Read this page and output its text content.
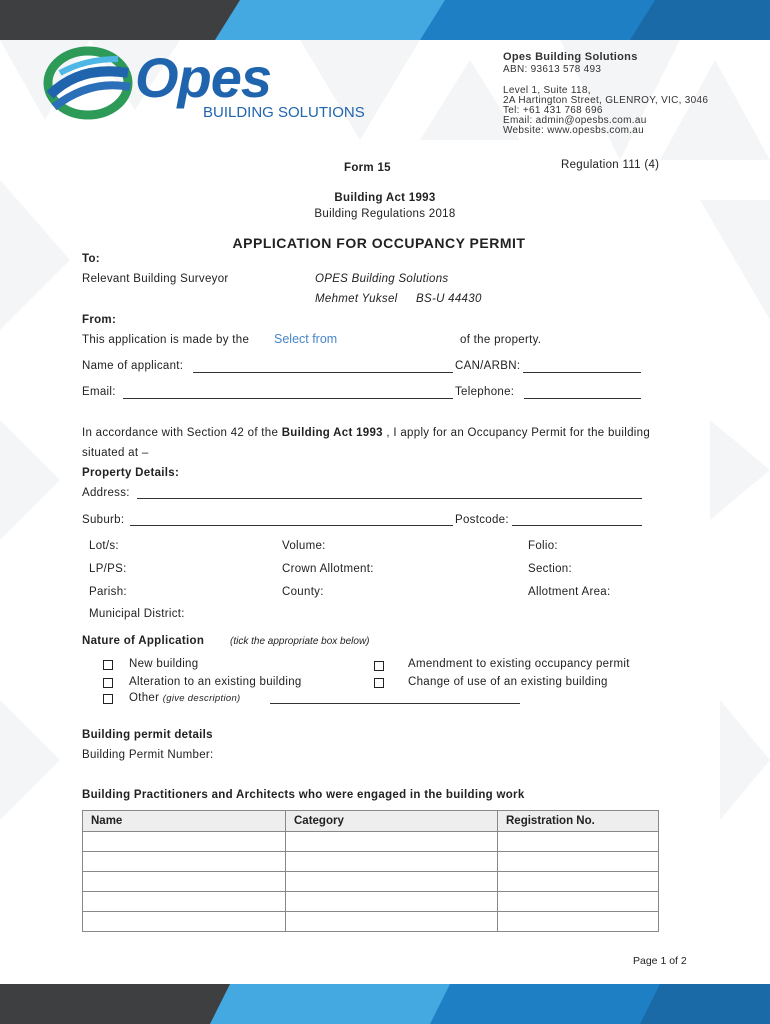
Opes
BUILDING SOLUTIONS
Opes Building Solutions
ABN: 93613 578 493
Level 1, Suite 118,
2A Hartington Street, GLENROY, VIC, 3046
Tel: +61 431 768 696
Email: admin@opesbs.com.au
Website: www.opesbs.com.au
Form 15	Regulation 111 (4)
Building Act 1993
Building Regulations 2018
APPLICATION FOR OCCUPANCY PERMIT
To:
Relevant Building Surveyor	OPES Building Solutions
Mehmet Yuksel BS-U 44430
From:
This application is made by the Select from	of the property.
Name of applicant:	CAN/ARBN:
Email:	Telephone:
In accordance with Section 42 of the Building Act 1993 , I apply for an Occupancy Permit for the building
situated at –
Property Details:
Address:
Suburb:	Postcode:
Lot/s:	Volume:	Folio:
LP/PS:	Crown Allotment:	Section:
Parish:	County:	Allotment Area:
Municipal District:
Nature of Application	(tick the appropriate box below)
New building
Alteration to an existing building
Other (give description)
Amendment to existing occupancy permit
Change of use of an existing building
Building permit details
Building Permit Number:
Building Practitioners and Architects who were engaged in the building work
Name	Category	Registration No.

Page 1 of 2
